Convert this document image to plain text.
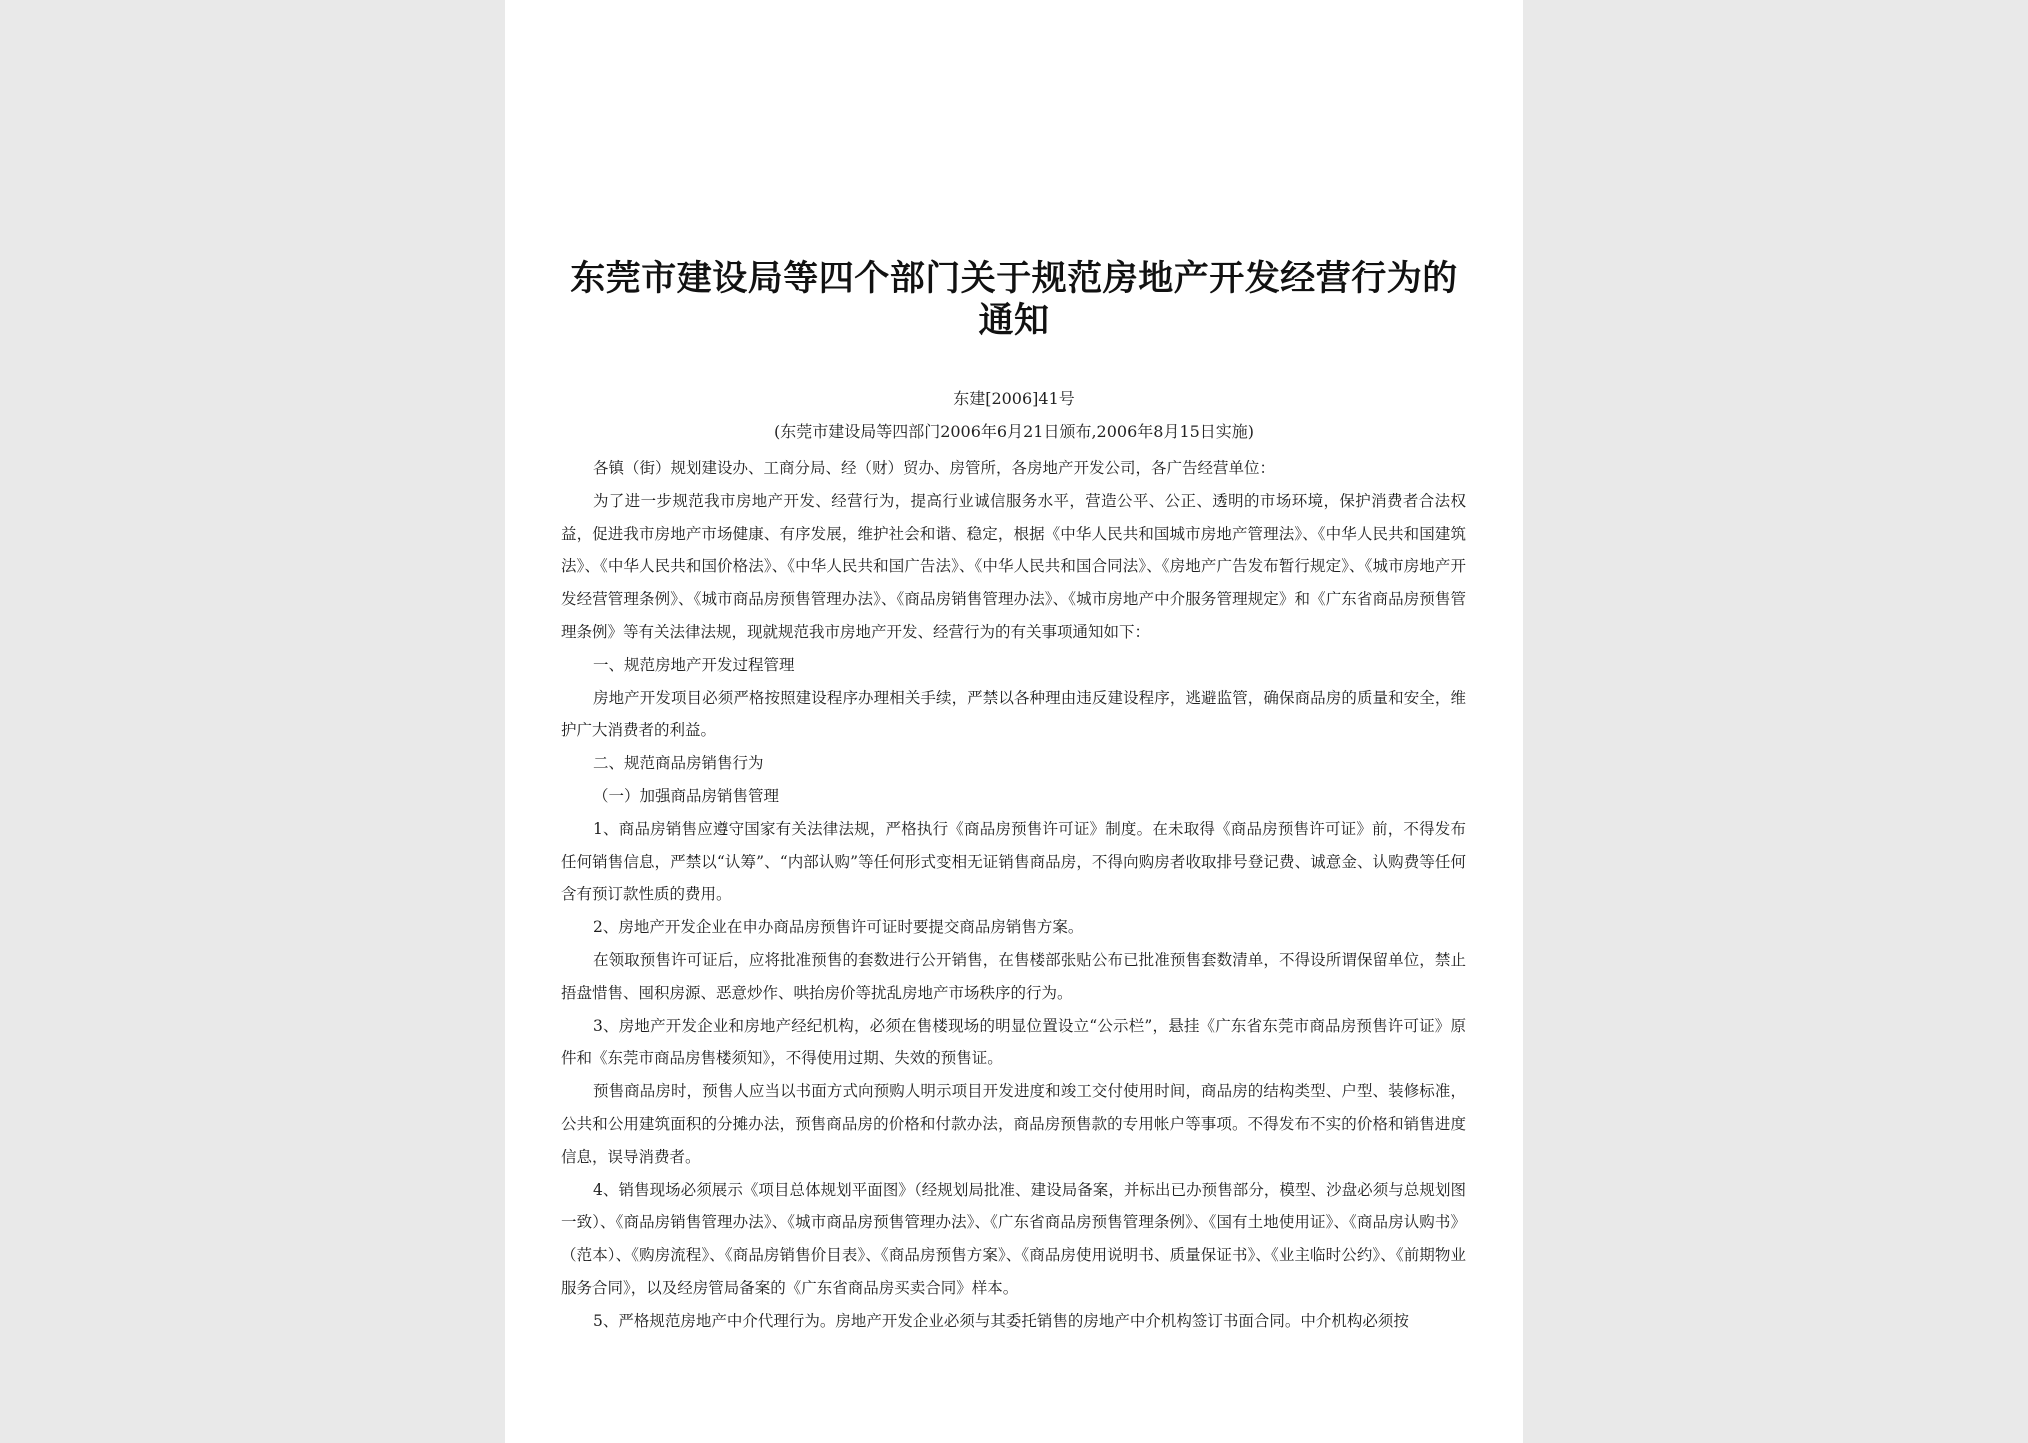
东莞市建设局等四个部门关于规范房地产开发经营行为的通知
东建[2006]41号
(东莞市建设局等四部门2006年6月21日颁布,2006年8月15日实施)

各镇（街）规划建设办、工商分局、经（财）贸办、房管所，各房地产开发公司，各广告经营单位：

为了进一步规范我市房地产开发、经营行为，提高行业诚信服务水平，营造公平、公正、透明的市场环境，保护消费者合法权益，促进我市房地产市场健康、有序发展，维护社会和谐、稳定，根据《中华人民共和国城市房地产管理法》、《中华人民共和国建筑法》、《中华人民共和国价格法》、《中华人民共和国广告法》、《中华人民共和国合同法》、《房地产广告发布暂行规定》、《城市房地产开发经营管理条例》、《城市商品房预售管理办法》、《商品房销售管理办法》、《城市房地产中介服务管理规定》和《广东省商品房预售管理条例》等有关法律法规，现就规范我市房地产开发、经营行为的有关事项通知如下：

一、规范房地产开发过程管理

房地产开发项目必须严格按照建设程序办理相关手续，严禁以各种理由违反建设程序，逃避监管，确保商品房的质量和安全，维护广大消费者的利益。

二、规范商品房销售行为

（一）加强商品房销售管理

1、商品房销售应遵守国家有关法律法规，严格执行《商品房预售许可证》制度。在未取得《商品房预售许可证》前，不得发布任何销售信息，严禁以“认筹”、“内部认购”等任何形式变相无证销售商品房，不得向购房者收取排号登记费、诚意金、认购费等任何含有预订款性质的费用。

2、房地产开发企业在申办商品房预售许可证时要提交商品房销售方案。

在领取预售许可证后，应将批准预售的套数进行公开销售，在售楼部张贴公布已批准预售套数清单，不得设所谓保留单位，禁止捂盘惜售、囤积房源、恶意炒作、哄抬房价等扰乱房地产市场秩序的行为。

3、房地产开发企业和房地产经纪机构，必须在售楼现场的明显位置设立“公示栏”，悬挂《广东省东莞市商品房预售许可证》原件和《东莞市商品房售楼须知》，不得使用过期、失效的预售证。

预售商品房时，预售人应当以书面方式向预购人明示项目开发进度和竣工交付使用时间，商品房的结构类型、户型、装修标准，公共和公用建筑面积的分摊办法，预售商品房的价格和付款办法，商品房预售款的专用帐户等事项。不得发布不实的价格和销售进度信息，误导消费者。

4、销售现场必须展示《项目总体规划平面图》（经规划局批准、建设局备案，并标出已办预售部分，模型、沙盘必须与总规划图一致）、《商品房销售管理办法》、《城市商品房预售管理办法》、《广东省商品房预售管理条例》、《国有土地使用证》、《商品房认购书》（范本）、《购房流程》、《商品房销售价目表》、《商品房预售方案》、《商品房使用说明书、质量保证书》、《业主临时公约》、《前期物业服务合同》，以及经房管局备案的《广东省商品房买卖合同》样本。

5、严格规范房地产中介代理行为。房地产开发企业必须与其委托销售的房地产中介机构签订书面合同。中介机构必须按
